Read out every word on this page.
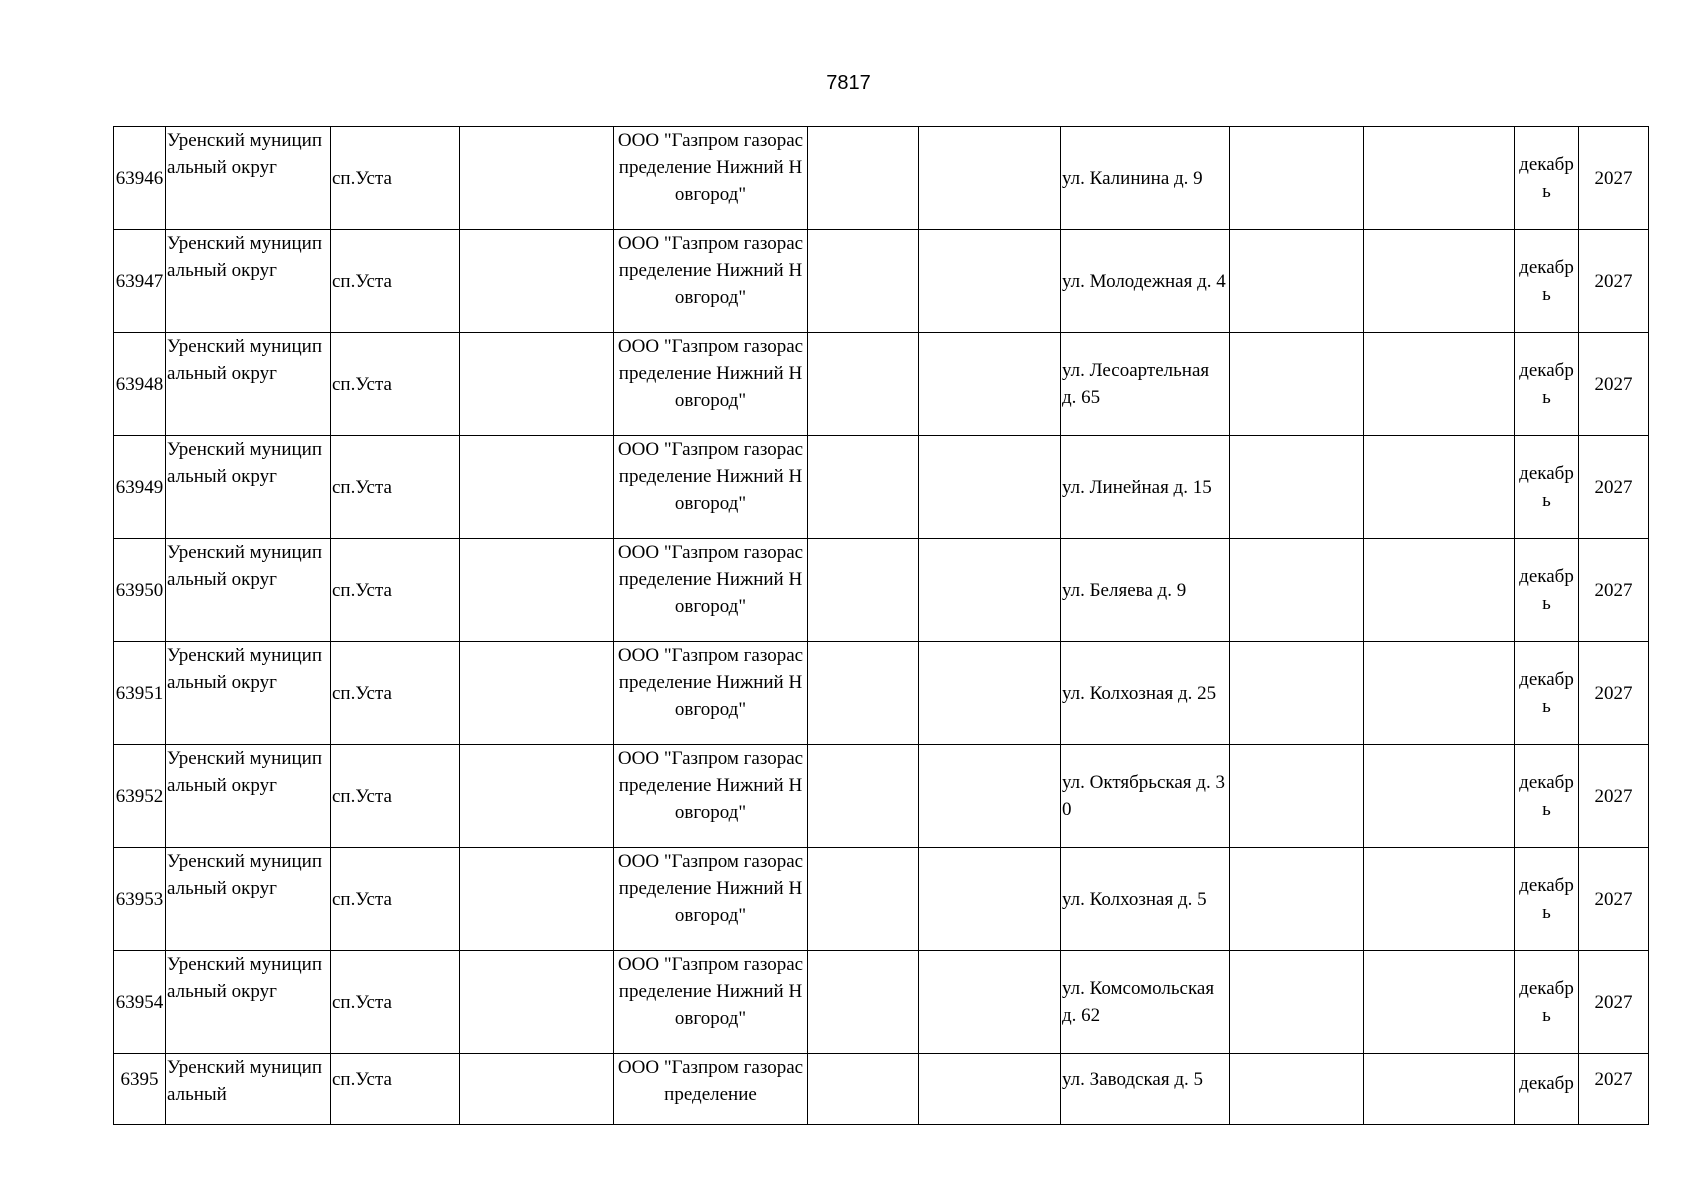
7817
63946	Уренский муниципальный округ	сп.Уста		ООО "Газпром газораспределение Нижний Новгород"			ул. Калинина д. 9			декабрь	2027
63947	Уренский муниципальный округ	сп.Уста		ООО "Газпром газораспределение Нижний Новгород"			ул. Молодежная д. 4			декабрь	2027
63948	Уренский муниципальный округ	сп.Уста		ООО "Газпром газораспределение Нижний Новгород"			ул. Лесоартельная д. 65			декабрь	2027
63949	Уренский муниципальный округ	сп.Уста		ООО "Газпром газораспределение Нижний Новгород"			ул. Линейная д. 15			декабрь	2027
63950	Уренский муниципальный округ	сп.Уста		ООО "Газпром газораспределение Нижний Новгород"			ул. Беляева д. 9			декабрь	2027
63951	Уренский муниципальный округ	сп.Уста		ООО "Газпром газораспределение Нижний Новгород"			ул. Колхозная д. 25			декабрь	2027
63952	Уренский муниципальный округ	сп.Уста		ООО "Газпром газораспределение Нижний Новгород"			ул. Октябрьская д. 30			декабрь	2027
63953	Уренский муниципальный округ	сп.Уста		ООО "Газпром газораспределение Нижний Новгород"			ул. Колхозная д. 5			декабрь	2027
63954	Уренский муниципальный округ	сп.Уста		ООО "Газпром газораспределение Нижний Новгород"			ул. Комсомольская д. 62			декабрь	2027
6395	Уренский муниципальный	сп.Уста		ООО "Газпром газораспределение			ул. Заводская д. 5			декабр	2027
